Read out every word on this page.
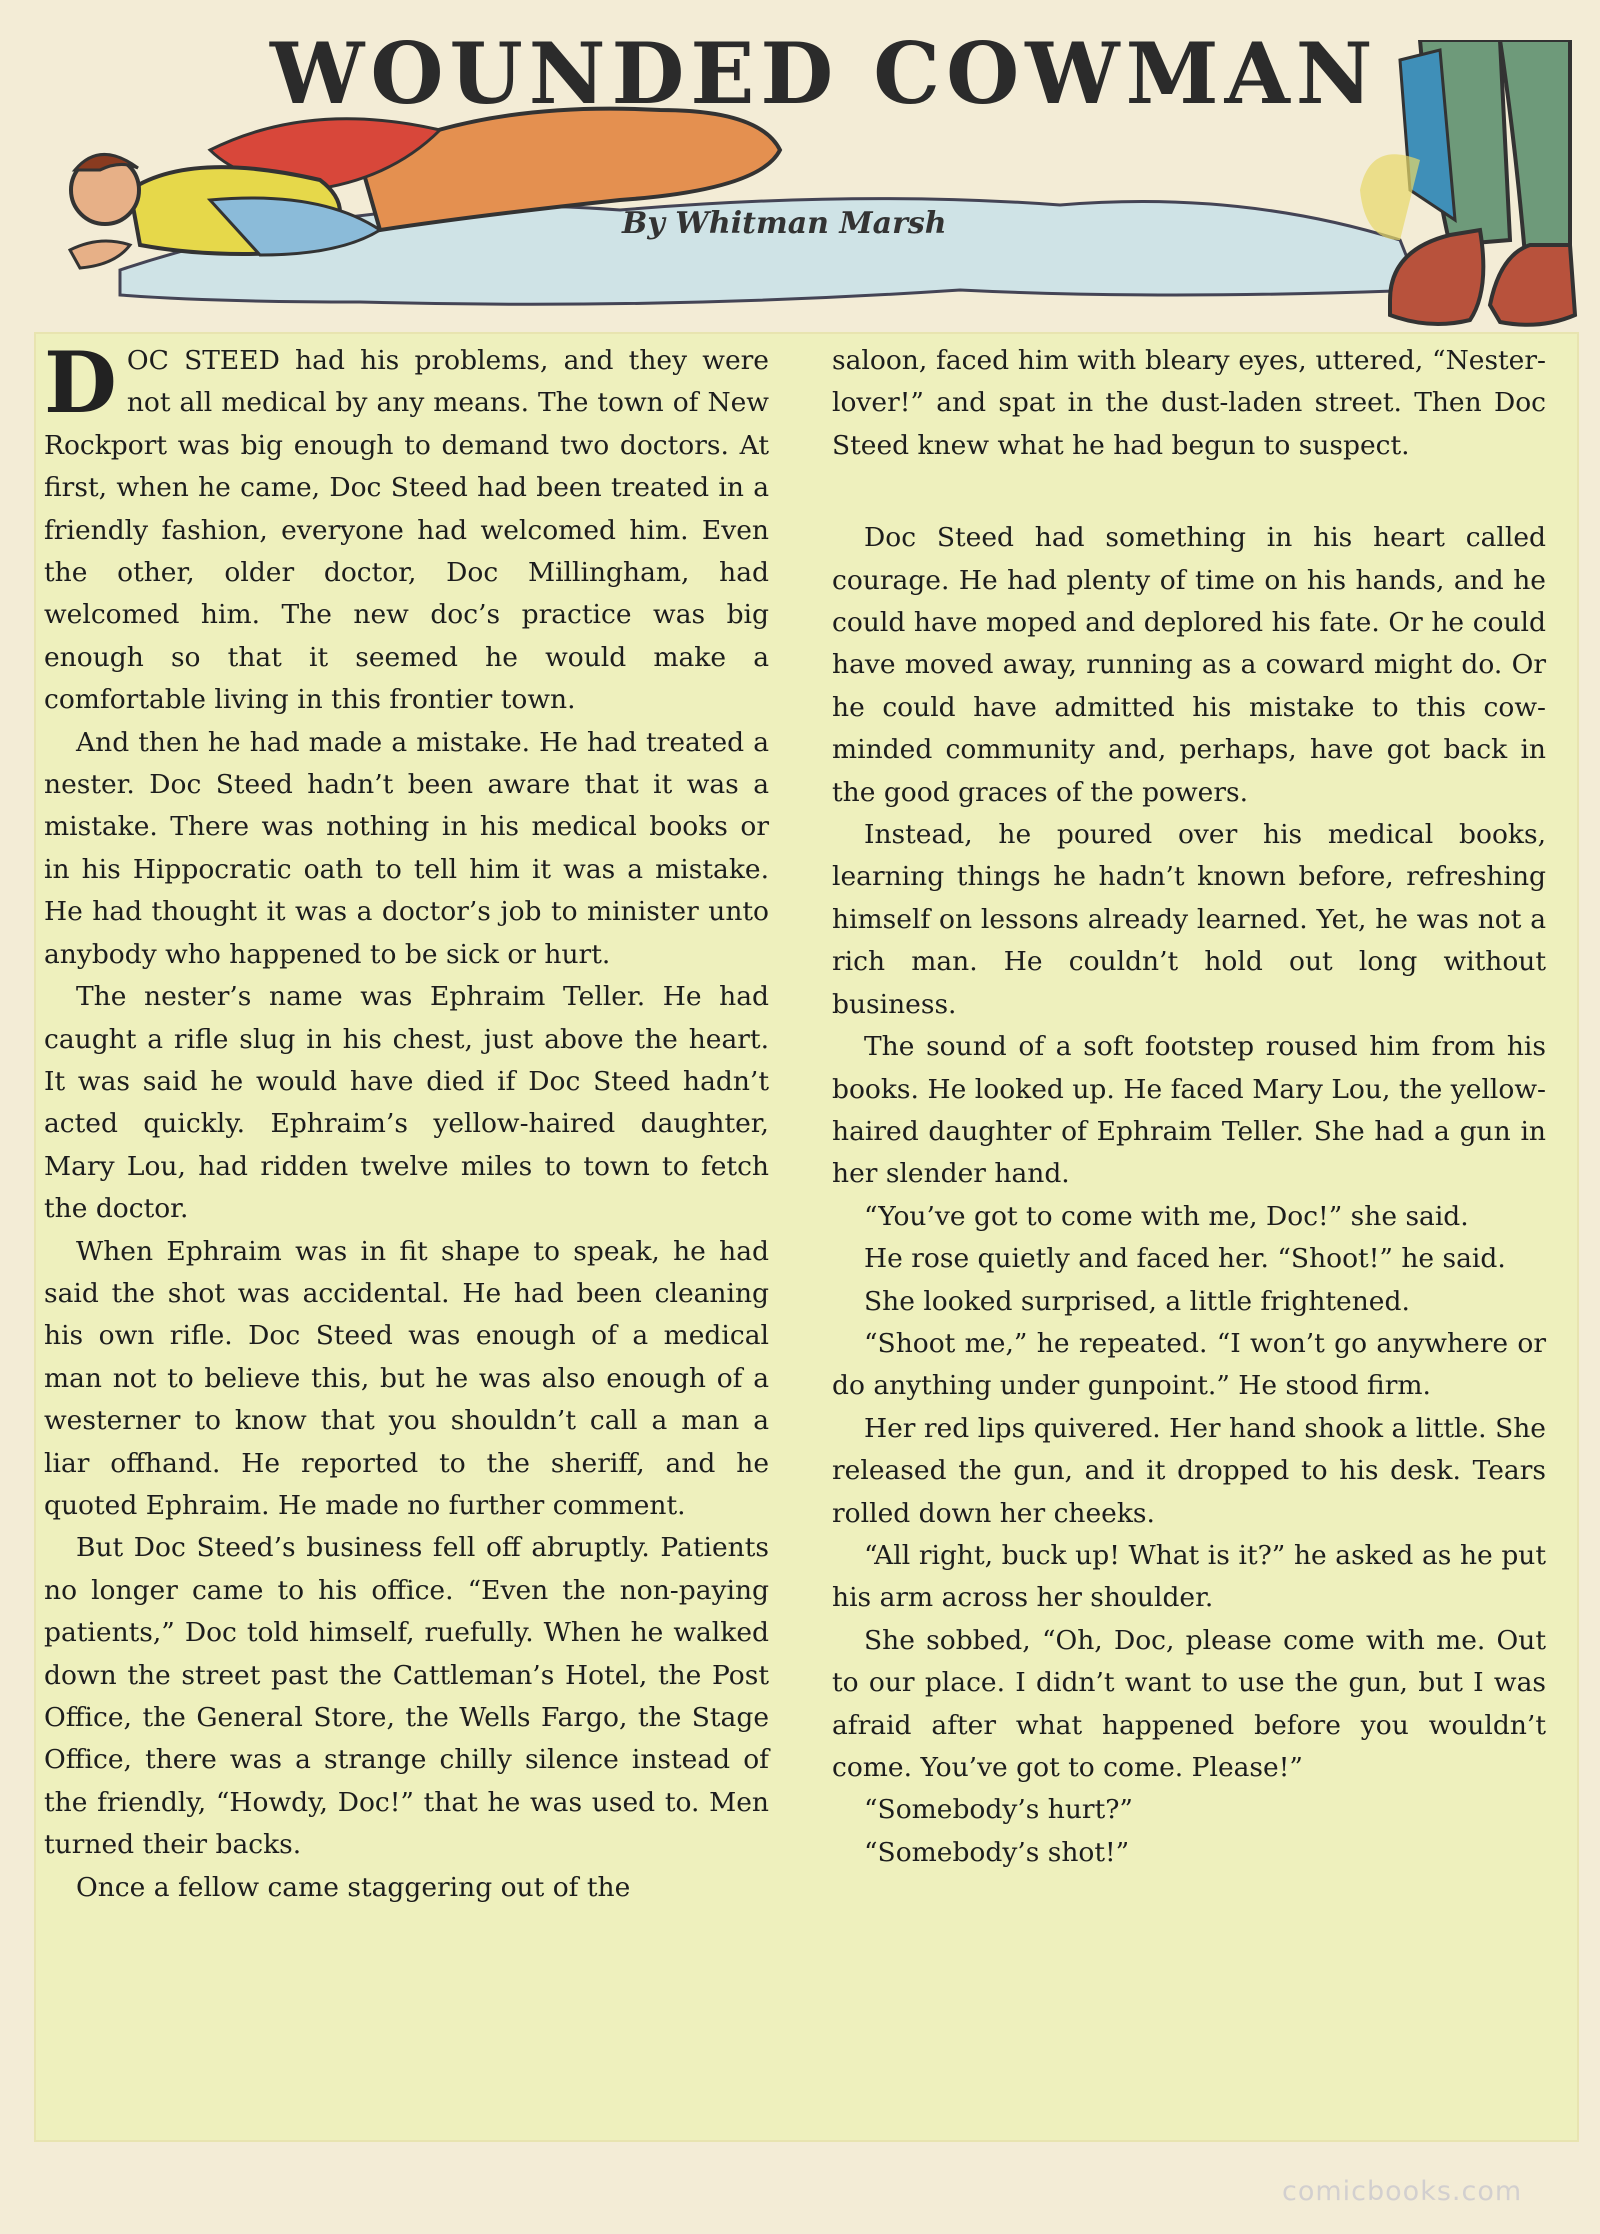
WOUNDED COWMAN
By Whitman Marsh

DOC STEED had his problems, and they were not all medical by any means. The town of New Rockport was big enough to demand two doctors. At first, when he came, Doc Steed had been treated in a friendly fashion, everyone had welcomed him. Even the other, older doctor, Doc Millingham, had welcomed him. The new doc’s practice was big enough so that it seemed he would make a comfortable living in this frontier town.

And then he had made a mistake. He had treated a nester. Doc Steed hadn’t been aware that it was a mistake. There was nothing in his medical books or in his Hippocratic oath to tell him it was a mistake. He had thought it was a doctor’s job to minister unto anybody who happened to be sick or hurt.

The nester’s name was Ephraim Teller. He had caught a rifle slug in his chest, just above the heart. It was said he would have died if Doc Steed hadn’t acted quickly. Ephraim’s yellow-haired daughter, Mary Lou, had ridden twelve miles to town to fetch the doctor.

When Ephraim was in fit shape to speak, he had said the shot was accidental. He had been cleaning his own rifle. Doc Steed was enough of a medical man not to believe this, but he was also enough of a westerner to know that you shouldn’t call a man a liar offhand. He reported to the sheriff, and he quoted Ephraim. He made no further comment.

But Doc Steed’s business fell off abruptly. Patients no longer came to his office. “Even the non-paying patients,” Doc told himself, ruefully. When he walked down the street past the Cattleman’s Hotel, the Post Office, the General Store, the Wells Fargo, the Stage Office, there was a strange chilly silence instead of the friendly, “Howdy, Doc!” that he was used to. Men turned their backs.

Once a fellow came staggering out of the

saloon, faced him with bleary eyes, uttered, “Nester-lover!” and spat in the dust-laden street. Then Doc Steed knew what he had begun to suspect.

Doc Steed had something in his heart called courage. He had plenty of time on his hands, and he could have moped and deplored his fate. Or he could have moved away, running as a coward might do. Or he could have admitted his mistake to this cow-minded community and, perhaps, have got back in the good graces of the powers.

Instead, he poured over his medical books, learning things he hadn’t known before, refreshing himself on lessons already learned. Yet, he was not a rich man. He couldn’t hold out long without business.

The sound of a soft footstep roused him from his books. He looked up. He faced Mary Lou, the yellow-haired daughter of Ephraim Teller. She had a gun in her slender hand.

“You’ve got to come with me, Doc!” she said.

He rose quietly and faced her. “Shoot!” he said.

She looked surprised, a little frightened.

“Shoot me,” he repeated. “I won’t go anywhere or do anything under gunpoint.” He stood firm.

Her red lips quivered. Her hand shook a little. She released the gun, and it dropped to his desk. Tears rolled down her cheeks.

“All right, buck up! What is it?” he asked as he put his arm across her shoulder.

She sobbed, “Oh, Doc, please come with me. Out to our place. I didn’t want to use the gun, but I was afraid after what happened before you wouldn’t come. You’ve got to come. Please!”

“Somebody’s hurt?”

“Somebody’s shot!”

comicbooks.com
